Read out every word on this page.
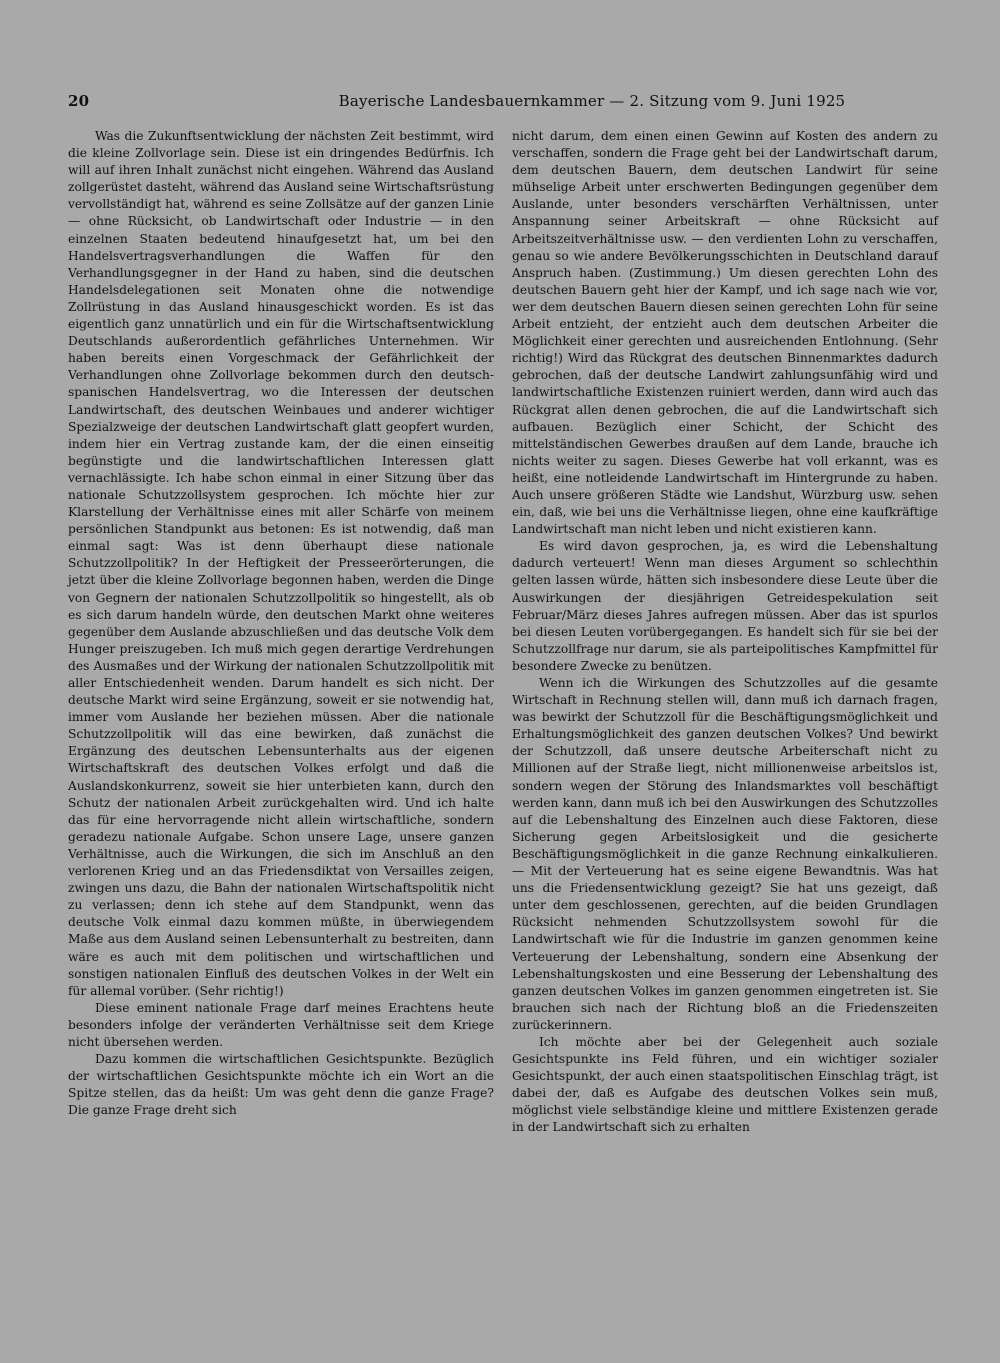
20	Bayerische Landesbauernkammer — 2. Sitzung vom 9. Juni 1925

Was die Zukunftsentwicklung der nächsten Zeit bestimmt, wird die kleine Zollvorlage sein. Diese ist ein dringendes Bedürfnis. Ich will auf ihren Inhalt zunächst nicht eingehen. Während das Ausland zollgerüstet dasteht, während das Ausland seine Wirtschaftsrüstung vervollständigt hat, während es seine Zollsätze auf der ganzen Linie — ohne Rücksicht, ob Landwirtschaft oder Industrie — in den einzelnen Staaten bedeutend hinaufgesetzt hat, um bei den Handelsvertragsverhandlungen die Waffen für den Verhandlungsgegner in der Hand zu haben, sind die deutschen Handelsdelegationen seit Monaten ohne die notwendige Zollrüstung in das Ausland hinausgeschickt worden. Es ist das eigentlich ganz unnatürlich und ein für die Wirtschaftsentwicklung Deutschlands außerordentlich gefährliches Unternehmen. Wir haben bereits einen Vorgeschmack der Gefährlichkeit der Verhandlungen ohne Zollvorlage bekommen durch den deutsch-spanischen Handelsvertrag, wo die Interessen der deutschen Landwirtschaft, des deutschen Weinbaues und anderer wichtiger Spezialzweige der deutschen Landwirtschaft glatt geopfert wurden, indem hier ein Vertrag zustande kam, der die einen einseitig begünstigte und die landwirtschaftlichen Interessen glatt vernachlässigte. Ich habe schon einmal in einer Sitzung über das nationale Schutzzollsystem gesprochen. Ich möchte hier zur Klarstellung der Verhältnisse eines mit aller Schärfe von meinem persönlichen Standpunkt aus betonen: Es ist notwendig, daß man einmal sagt: Was ist denn überhaupt diese nationale Schutzzollpolitik? In der Heftigkeit der Presseerörterungen, die jetzt über die kleine Zollvorlage begonnen haben, werden die Dinge von Gegnern der nationalen Schutzzollpolitik so hingestellt, als ob es sich darum handeln würde, den deutschen Markt ohne weiteres gegenüber dem Auslande abzuschließen und das deutsche Volk dem Hunger preiszugeben. Ich muß mich gegen derartige Verdrehungen des Ausmaßes und der Wirkung der nationalen Schutzzollpolitik mit aller Entschiedenheit wenden. Darum handelt es sich nicht. Der deutsche Markt wird seine Ergänzung, soweit er sie notwendig hat, immer vom Auslande her beziehen müssen. Aber die nationale Schutzzollpolitik will das eine bewirken, daß zunächst die Ergänzung des deutschen Lebensunterhalts aus der eigenen Wirtschaftskraft des deutschen Volkes erfolgt und daß die Auslandskonkurrenz, soweit sie hier unterbieten kann, durch den Schutz der nationalen Arbeit zurückgehalten wird. Und ich halte das für eine hervorragende nicht allein wirtschaftliche, sondern geradezu nationale Aufgabe. Schon unsere Lage, unsere ganzen Verhältnisse, auch die Wirkungen, die sich im Anschluß an den verlorenen Krieg und an das Friedensdiktat von Versailles zeigen, zwingen uns dazu, die Bahn der nationalen Wirtschaftspolitik nicht zu verlassen; denn ich stehe auf dem Standpunkt, wenn das deutsche Volk einmal dazu kommen müßte, in überwiegendem Maße aus dem Ausland seinen Lebensunterhalt zu bestreiten, dann wäre es auch mit dem politischen und wirtschaftlichen und sonstigen nationalen Einfluß des deutschen Volkes in der Welt ein für allemal vorüber. (Sehr richtig!)

Diese eminent nationale Frage darf meines Erachtens heute besonders infolge der veränderten Verhältnisse seit dem Kriege nicht übersehen werden.

Dazu kommen die wirtschaftlichen Gesichtspunkte. Bezüglich der wirtschaftlichen Gesichtspunkte möchte ich ein Wort an die Spitze stellen, das da heißt: Um was geht denn die ganze Frage? Die ganze Frage dreht sich

nicht darum, dem einen einen Gewinn auf Kosten des andern zu verschaffen, sondern die Frage geht bei der Landwirtschaft darum, dem deutschen Bauern, dem deutschen Landwirt für seine mühselige Arbeit unter erschwerten Bedingungen gegenüber dem Auslande, unter besonders verschärften Verhältnissen, unter Anspannung seiner Arbeitskraft — ohne Rücksicht auf Arbeitszeitverhältnisse usw. — den verdienten Lohn zu verschaffen, genau so wie andere Bevölkerungsschichten in Deutschland darauf Anspruch haben. (Zustimmung.) Um diesen gerechten Lohn des deutschen Bauern geht hier der Kampf, und ich sage nach wie vor, wer dem deutschen Bauern diesen seinen gerechten Lohn für seine Arbeit entzieht, der entzieht auch dem deutschen Arbeiter die Möglichkeit einer gerechten und ausreichenden Entlohnung. (Sehr richtig!) Wird das Rückgrat des deutschen Binnenmarktes dadurch gebrochen, daß der deutsche Landwirt zahlungsunfähig wird und landwirtschaftliche Existenzen ruiniert werden, dann wird auch das Rückgrat allen denen gebrochen, die auf die Landwirtschaft sich aufbauen. Bezüglich einer Schicht, der Schicht des mittelständischen Gewerbes draußen auf dem Lande, brauche ich nichts weiter zu sagen. Dieses Gewerbe hat voll erkannt, was es heißt, eine notleidende Landwirtschaft im Hintergrunde zu haben. Auch unsere größeren Städte wie Landshut, Würzburg usw. sehen ein, daß, wie bei uns die Verhältnisse liegen, ohne eine kaufkräftige Landwirtschaft man nicht leben und nicht existieren kann.

Es wird davon gesprochen, ja, es wird die Lebenshaltung dadurch verteuert! Wenn man dieses Argument so schlechthin gelten lassen würde, hätten sich insbesondere diese Leute über die Auswirkungen der diesjährigen Getreidespekulation seit Februar/März dieses Jahres aufregen müssen. Aber das ist spurlos bei diesen Leuten vorübergegangen. Es handelt sich für sie bei der Schutzzollfrage nur darum, sie als parteipolitisches Kampfmittel für besondere Zwecke zu benützen.

Wenn ich die Wirkungen des Schutzzolles auf die gesamte Wirtschaft in Rechnung stellen will, dann muß ich darnach fragen, was bewirkt der Schutzzoll für die Beschäftigungsmöglichkeit und Erhaltungsmöglichkeit des ganzen deutschen Volkes? Und bewirkt der Schutzzoll, daß unsere deutsche Arbeiterschaft nicht zu Millionen auf der Straße liegt, nicht millionenweise arbeitslos ist, sondern wegen der Störung des Inlandsmarktes voll beschäftigt werden kann, dann muß ich bei den Auswirkungen des Schutzzolles auf die Lebenshaltung des Einzelnen auch diese Faktoren, diese Sicherung gegen Arbeitslosigkeit und die gesicherte Beschäftigungsmöglichkeit in die ganze Rechnung einkalkulieren. — Mit der Verteuerung hat es seine eigene Bewandtnis. Was hat uns die Friedensentwicklung gezeigt? Sie hat uns gezeigt, daß unter dem geschlossenen, gerechten, auf die beiden Grundlagen Rücksicht nehmenden Schutzzollsystem sowohl für die Landwirtschaft wie für die Industrie im ganzen genommen keine Verteuerung der Lebenshaltung, sondern eine Absenkung der Lebenshaltungskosten und eine Besserung der Lebenshaltung des ganzen deutschen Volkes im ganzen genommen eingetreten ist. Sie brauchen sich nach der Richtung bloß an die Friedenszeiten zurückerinnern.

Ich möchte aber bei der Gelegenheit auch soziale Gesichtspunkte ins Feld führen, und ein wichtiger sozialer Gesichtspunkt, der auch einen staatspolitischen Einschlag trägt, ist dabei der, daß es Aufgabe des deutschen Volkes sein muß, möglichst viele selbständige kleine und mittlere Existenzen gerade in der Landwirtschaft sich zu erhalten
